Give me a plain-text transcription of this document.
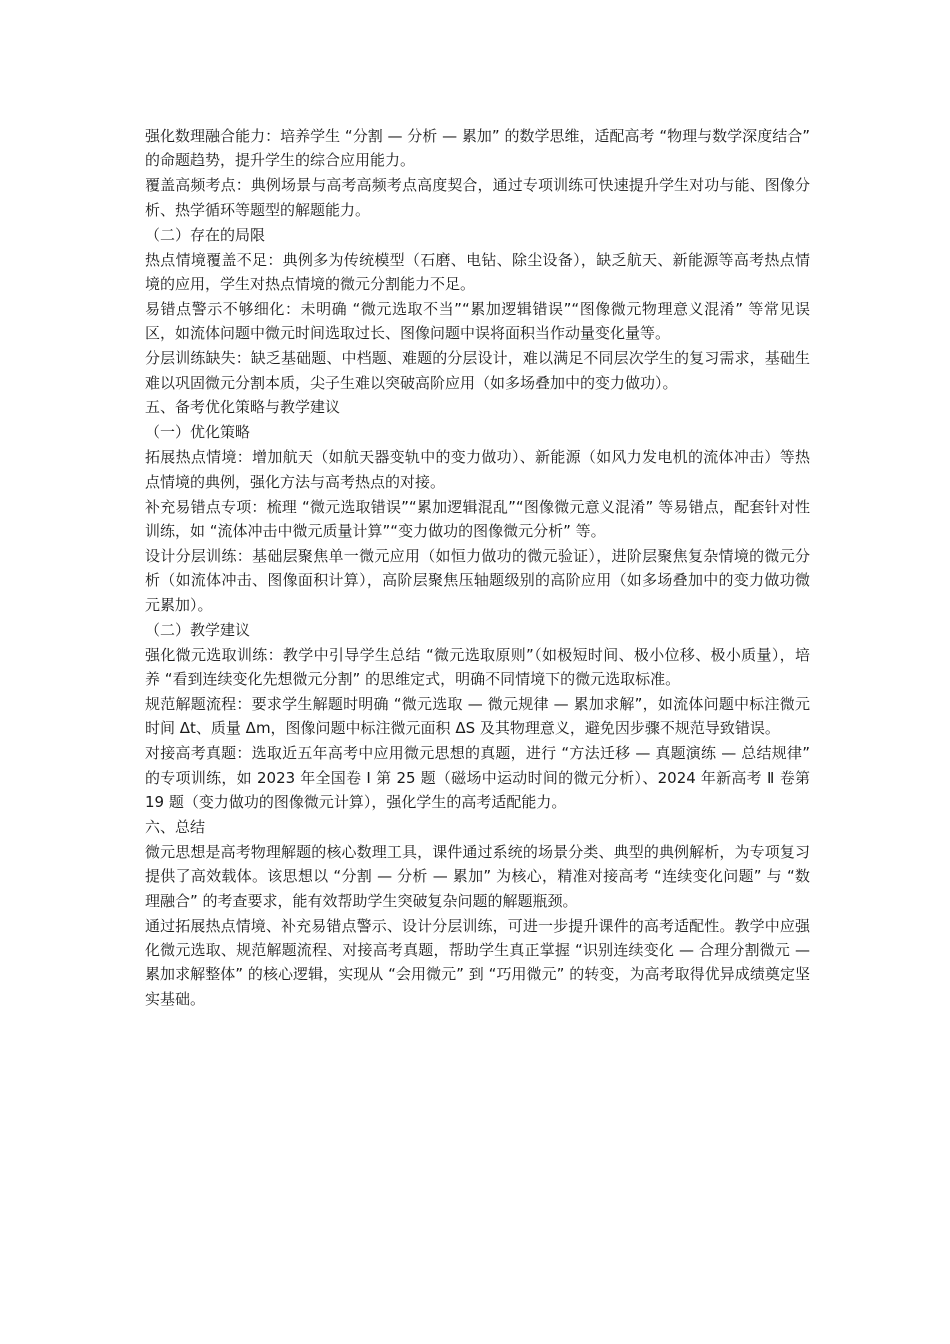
强化数理融合能力：培养学生 “分割 — 分析 — 累加” 的数学思维，适配高考 “物理与数学深度结合” 的命题趋势，提升学生的综合应用能力。

覆盖高频考点：典例场景与高考高频考点高度契合，通过专项训练可快速提升学生对功与能、图像分析、热学循环等题型的解题能力。

（二）存在的局限

热点情境覆盖不足：典例多为传统模型（石磨、电钻、除尘设备），缺乏航天、新能源等高考热点情境的应用，学生对热点情境的微元分割能力不足。

易错点警示不够细化：未明确 “微元选取不当”“累加逻辑错误”“图像微元物理意义混淆” 等常见误区，如流体问题中微元时间选取过长、图像问题中误将面积当作动量变化量等。

分层训练缺失：缺乏基础题、中档题、难题的分层设计，难以满足不同层次学生的复习需求，基础生难以巩固微元分割本质，尖子生难以突破高阶应用（如多场叠加中的变力做功）。

五、备考优化策略与教学建议

（一）优化策略

拓展热点情境：增加航天（如航天器变轨中的变力做功）、新能源（如风力发电机的流体冲击）等热点情境的典例，强化方法与高考热点的对接。

补充易错点专项：梳理 “微元选取错误”“累加逻辑混乱”“图像微元意义混淆” 等易错点，配套针对性训练，如 “流体冲击中微元质量计算”“变力做功的图像微元分析” 等。

设计分层训练：基础层聚焦单一微元应用（如恒力做功的微元验证），进阶层聚焦复杂情境的微元分析（如流体冲击、图像面积计算），高阶层聚焦压轴题级别的高阶应用（如多场叠加中的变力做功微元累加）。

（二）教学建议

强化微元选取训练：教学中引导学生总结 “微元选取原则”（如极短时间、极小位移、极小质量），培养 “看到连续变化先想微元分割” 的思维定式，明确不同情境下的微元选取标准。

规范解题流程：要求学生解题时明确 “微元选取 — 微元规律 — 累加求解”，如流体问题中标注微元时间 Δt、质量 Δm，图像问题中标注微元面积 ΔS 及其物理意义，避免因步骤不规范导致错误。

对接高考真题：选取近五年高考中应用微元思想的真题，进行 “方法迁移 — 真题演练 — 总结规律” 的专项训练，如 2023 年全国卷 Ⅰ 第 25 题（磁场中运动时间的微元分析）、2024 年新高考 Ⅱ 卷第 19 题（变力做功的图像微元计算），强化学生的高考适配能力。

六、总结

微元思想是高考物理解题的核心数理工具，课件通过系统的场景分类、典型的典例解析，为专项复习提供了高效载体。该思想以 “分割 — 分析 — 累加” 为核心，精准对接高考 “连续变化问题” 与 “数理融合” 的考查要求，能有效帮助学生突破复杂问题的解题瓶颈。

通过拓展热点情境、补充易错点警示、设计分层训练，可进一步提升课件的高考适配性。教学中应强化微元选取、规范解题流程、对接高考真题，帮助学生真正掌握 “识别连续变化 — 合理分割微元 — 累加求解整体” 的核心逻辑，实现从 “会用微元” 到 “巧用微元” 的转变，为高考取得优异成绩奠定坚实基础。
